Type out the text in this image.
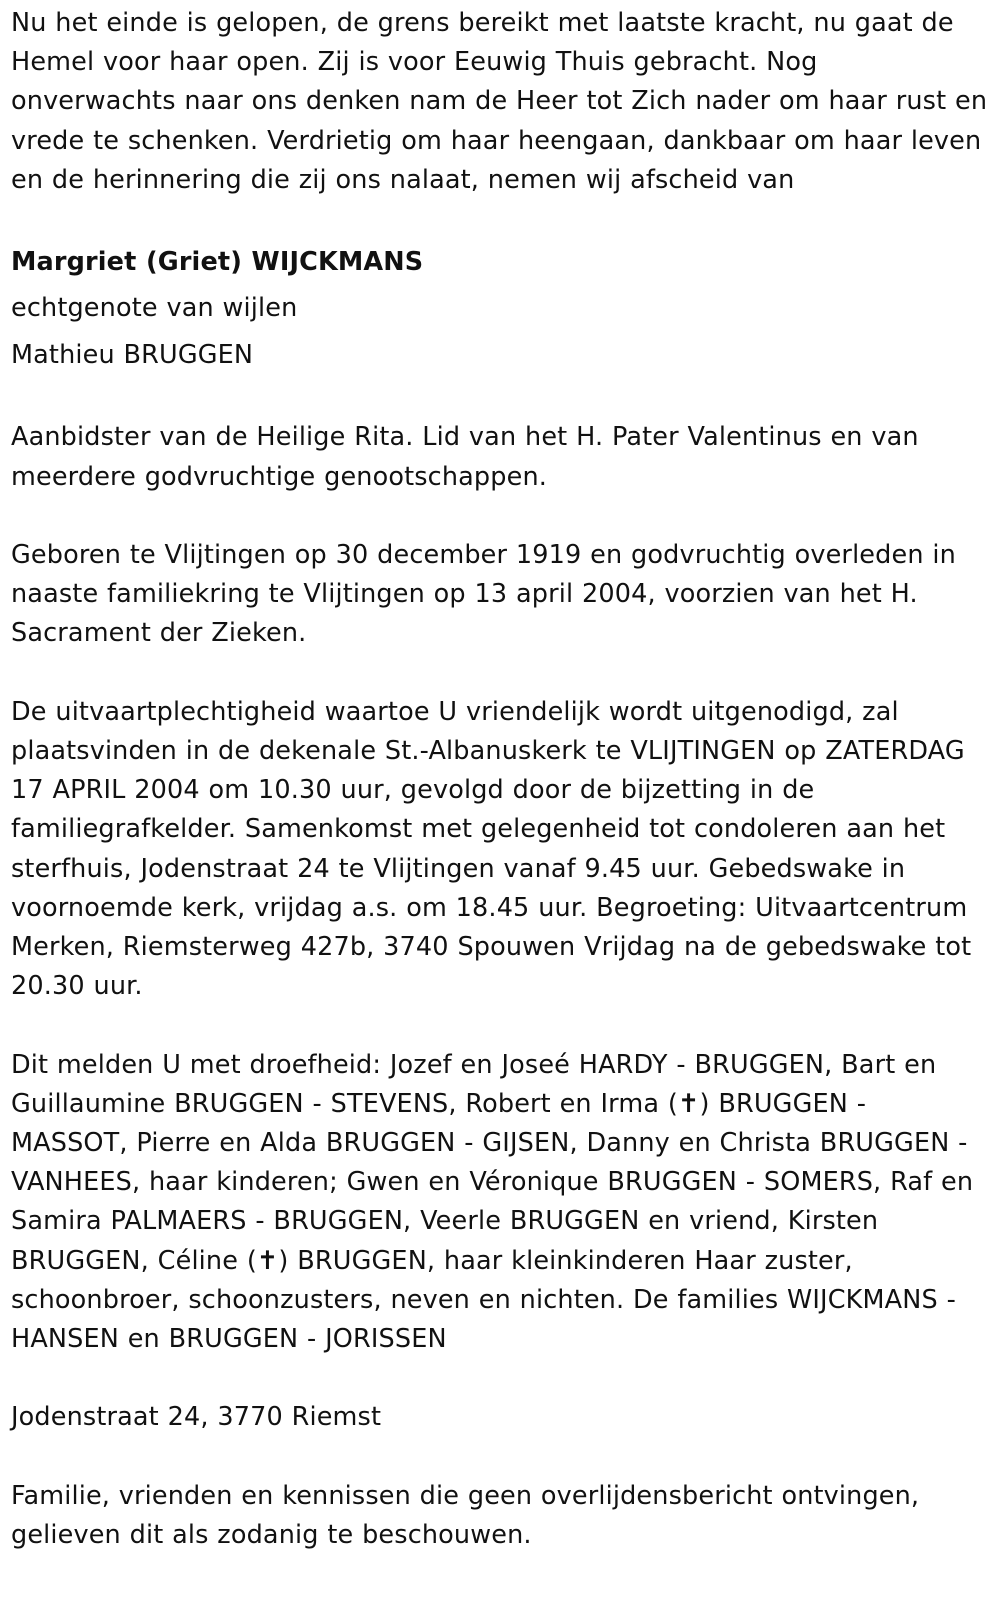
Nu het einde is gelopen, de grens bereikt met laatste kracht, nu gaat de Hemel voor haar open. Zij is voor Eeuwig Thuis gebracht. Nog onverwachts naar ons denken nam de Heer tot Zich nader om haar rust en vrede te schenken. Verdrietig om haar heengaan, dankbaar om haar leven en de herinnering die zij ons nalaat, nemen wij afscheid van

Margriet (Griet) WIJCKMANS

echtgenote van wijlen

Mathieu BRUGGEN

Aanbidster van de Heilige Rita. Lid van het H. Pater Valentinus en van meerdere godvruchtige genootschappen.

Geboren te Vlijtingen op 30 december 1919 en godvruchtig overleden in naaste familiekring te Vlijtingen op 13 april 2004, voorzien van het H. Sacrament der Zieken.

De uitvaartplechtigheid waartoe U vriendelijk wordt uitgenodigd, zal plaatsvinden in de dekenale St.-Albanuskerk te VLIJTINGEN op ZATERDAG 17 APRIL 2004 om 10.30 uur, gevolgd door de bijzetting in de familiegrafkelder. Samenkomst met gelegenheid tot condoleren aan het sterfhuis, Jodenstraat 24 te Vlijtingen vanaf 9.45 uur. Gebedswake in voornoemde kerk, vrijdag a.s. om 18.45 uur. Begroeting: Uitvaartcentrum Merken, Riemsterweg 427b, 3740 Spouwen Vrijdag na de gebedswake tot 20.30 uur.

Dit melden U met droefheid: Jozef en Joseé HARDY - BRUGGEN, Bart en Guillaumine BRUGGEN - STEVENS, Robert en Irma (✝) BRUGGEN - MASSOT, Pierre en Alda BRUGGEN - GIJSEN, Danny en Christa BRUGGEN - VANHEES, haar kinderen; Gwen en Véronique BRUGGEN - SOMERS, Raf en Samira PALMAERS - BRUGGEN, Veerle BRUGGEN en vriend, Kirsten BRUGGEN, Céline (✝) BRUGGEN, haar kleinkinderen Haar zuster, schoonbroer, schoonzusters, neven en nichten. De families WIJCKMANS - HANSEN en BRUGGEN - JORISSEN

Jodenstraat 24, 3770 Riemst

Familie, vrienden en kennissen die geen overlijdensbericht ontvingen, gelieven dit als zodanig te beschouwen.
